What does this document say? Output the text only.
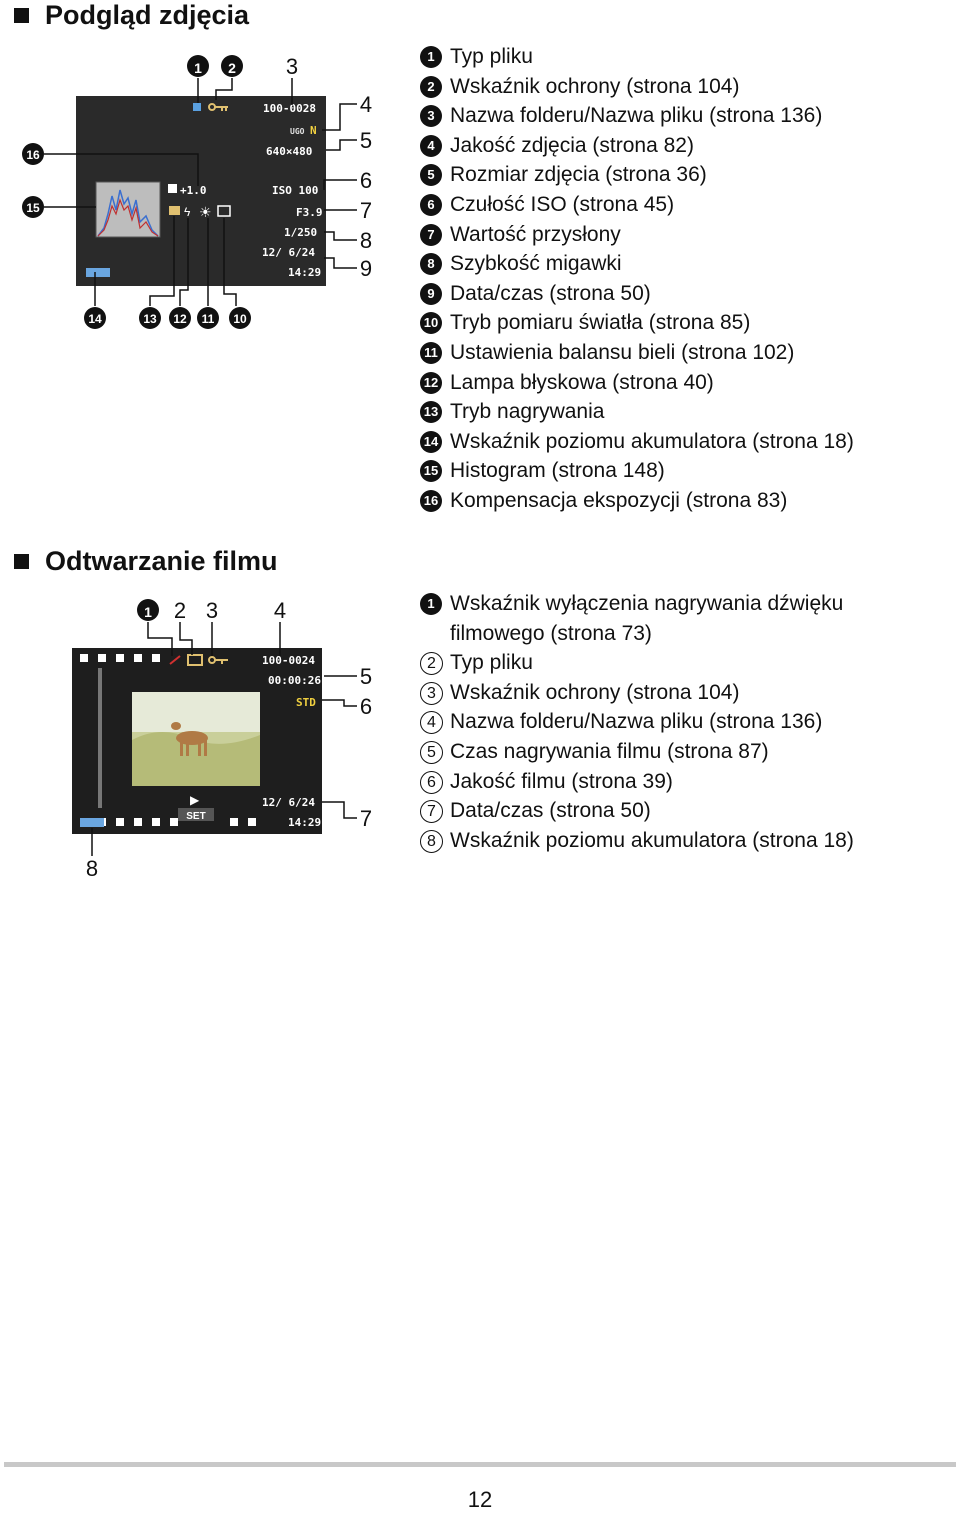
Podgląd zdjęcia
100-0028
UGO N
640×480
+1.0	ISO 100
F3.9
1/250
12/ 6/24
14:29
ϟ ☀
1 2 3
4
5
6
7
8
9
10
11
12
13
14
15
16
1 Typ pliku
2 Wskaźnik ochrony (strona 104)
3 Nazwa folderu/Nazwa pliku (strona 136)
4 Jakość zdjęcia (strona 82)
5 Rozmiar zdjęcia (strona 36)
6 Czułość ISO (strona 45)
7 Wartość przysłony
8 Szybkość migawki
9 Data/czas (strona 50)
10 Tryb pomiaru światła (strona 85)
11 Ustawienia balansu bieli (strona 102)
12 Lampa błyskowa (strona 40)
13 Tryb nagrywania
14 Wskaźnik poziomu akumulatora (strona 18)
15 Histogram (strona 148)
16 Kompensacja ekspozycji (strona 83)
Odtwarzanie filmu
100-0024
00:00:26
STD
12/ 6/24
14:29
▶
SET
1 2 3	4
5
6
7
8
1 Wskaźnik wyłączenia nagrywania dźwięku
filmowego (strona 73)
2 Typ pliku
3 Wskaźnik ochrony (strona 104)
4 Nazwa folderu/Nazwa pliku (strona 136)
5 Czas nagrywania filmu (strona 87)
6 Jakość filmu (strona 39)
7 Data/czas (strona 50)
8 Wskaźnik poziomu akumulatora (strona 18)
12
